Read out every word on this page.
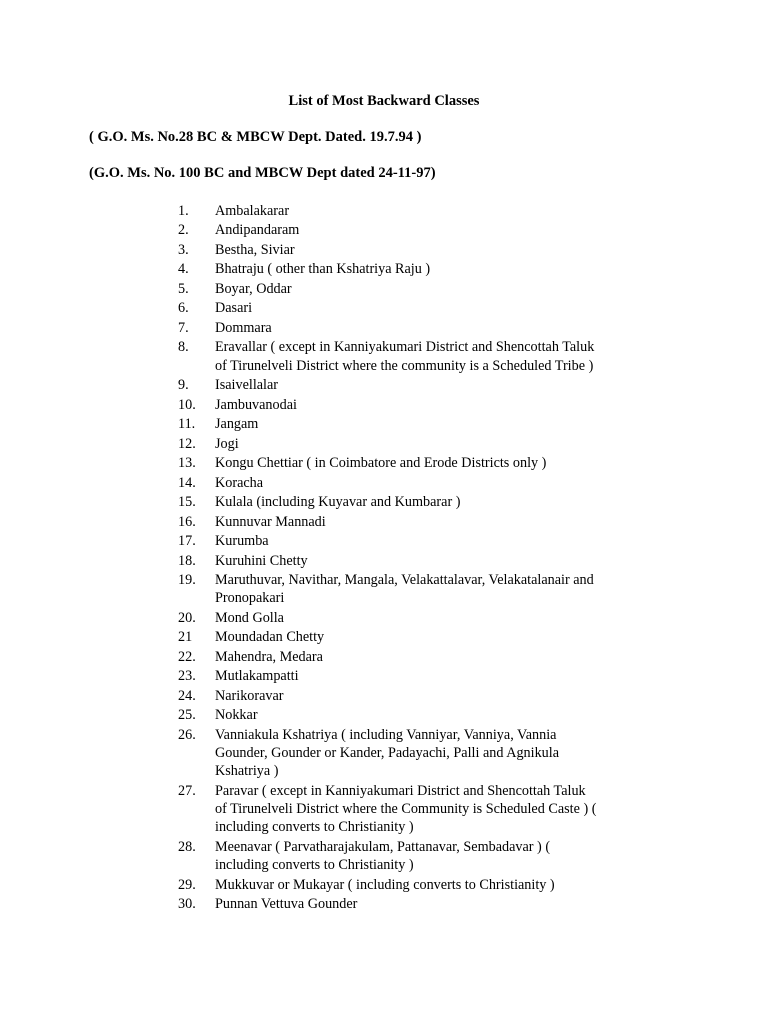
List of Most Backward Classes
( G.O. Ms. No.28 BC & MBCW Dept. Dated. 19.7.94 )
(G.O. Ms. No. 100 BC and MBCW Dept dated 24-11-97)
1.	Ambalakarar
2.	Andipandaram
3.	Bestha, Siviar
4.	Bhatraju ( other than Kshatriya Raju )
5.	Boyar, Oddar
6.	Dasari
7.	Dommara
8.	Eravallar ( except in Kanniyakumari District and Shencottah Taluk of Tirunelveli District where the community is a Scheduled Tribe )
9.	Isaivellalar
10.	Jambuvanodai
11.	Jangam
12.	Jogi
13.	Kongu Chettiar ( in Coimbatore and Erode Districts only )
14.	Koracha
15.	Kulala (including Kuyavar and Kumbarar )
16.	Kunnuvar Mannadi
17.	Kurumba
18.	Kuruhini Chetty
19.	Maruthuvar, Navithar, Mangala, Velakattalavar, Velakatalanair and Pronopakari
20.	Mond Golla
21	Moundadan Chetty
22.	Mahendra, Medara
23.	Mutlakampatti
24.	Narikoravar
25.	Nokkar
26.	Vanniakula Kshatriya ( including Vanniyar, Vanniya, Vannia Gounder, Gounder or Kander, Padayachi, Palli and Agnikula Kshatriya )
27.	Paravar ( except in Kanniyakumari District and Shencottah Taluk of Tirunelveli District where the Community is Scheduled Caste ) ( including converts to Christianity )
28.	Meenavar ( Parvatharajakulam, Pattanavar, Sembadavar ) ( including converts to Christianity )
29.	Mukkuvar or Mukayar ( including converts to Christianity )
30.	Punnan Vettuva Gounder
